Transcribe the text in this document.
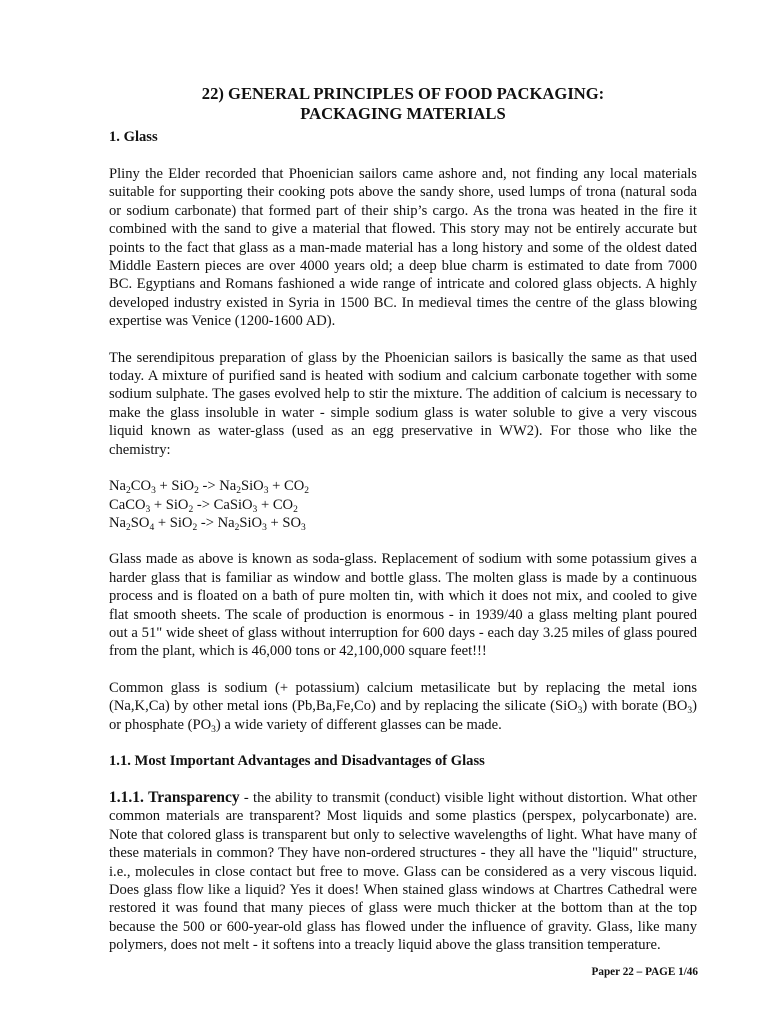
22) GENERAL PRINCIPLES OF FOOD PACKAGING:
PACKAGING MATERIALS
1. Glass

Pliny the Elder recorded that Phoenician sailors came ashore and, not finding any local materials suitable for supporting their cooking pots above the sandy shore, used lumps of trona (natural soda or sodium carbonate) that formed part of their ship’s cargo. As the trona was heated in the fire it combined with the sand to give a material that flowed. This story may not be entirely accurate but points to the fact that glass as a man-made material has a long history and some of the oldest dated Middle Eastern pieces are over 4000 years old; a deep blue charm is estimated to date from 7000 BC. Egyptians and Romans fashioned a wide range of intricate and colored glass objects. A highly developed industry existed in Syria in 1500 BC. In medieval times the centre of the glass blowing expertise was Venice (1200-1600 AD).

The serendipitous preparation of glass by the Phoenician sailors is basically the same as that used today. A mixture of purified sand is heated with sodium and calcium carbonate together with some sodium sulphate. The gases evolved help to stir the mixture. The addition of calcium is necessary to make the glass insoluble in water - simple sodium glass is water soluble to give a very viscous liquid known as water-glass (used as an egg preservative in WW2). For those who like the chemistry:

$Na_2CO_3 + SiO_2 -> Na_2SiO_3 + CO_2$
CaCO$_3$ + SiO$_2$ -> CaSiO$_3$ + $CO_2$
$Na_2SO_4 + SiO_2 -> Na_2SiO_3 + SO_3$

Glass made as above is known as soda-glass. Replacement of sodium with some potassium gives a harder glass that is familiar as window and bottle glass. The molten glass is made by a continuous process and is floated on a bath of pure molten tin, with which it does not mix, and cooled to give flat smooth sheets. The scale of production is enormous - in 1939/40 a glass melting plant poured out a 51" wide sheet of glass without interruption for 600 days - each day 3.25 miles of glass poured from the plant, which is 46,000 tons or 42,100,000 square feet!!!

Common glass is sodium (+ potassium) calcium metasilicate but by replacing the metal ions (Na,K,Ca) by other metal ions (Pb,Ba,Fe,Co) and by replacing the silicate (SiO$_3$) with borate $(BO_3)$ or phosphate $(PO_3)$ a wide variety of different glasses can be made.

1.1. Most Important Advantages and Disadvantages of Glass

1.1.1. Transparency - the ability to transmit (conduct) visible light without distortion. What other common materials are transparent? Most liquids and some plastics (perspex, polycarbonate) are. Note that colored glass is transparent but only to selective wavelengths of light. What have many of these materials in common? They have non-ordered structures - they all have the "liquid" structure, i.e., molecules in close contact but free to move. Glass can be considered as a very viscous liquid. Does glass flow like a liquid? Yes it does! When stained glass windows at Chartres Cathedral were restored it was found that many pieces of glass were much thicker at the bottom than at the top because the 500 or 600-year-old glass has flowed under the influence of gravity. Glass, like many polymers, does not melt - it softens into a treacly liquid above the glass transition temperature.

Paper 22 – PAGE 1/46
